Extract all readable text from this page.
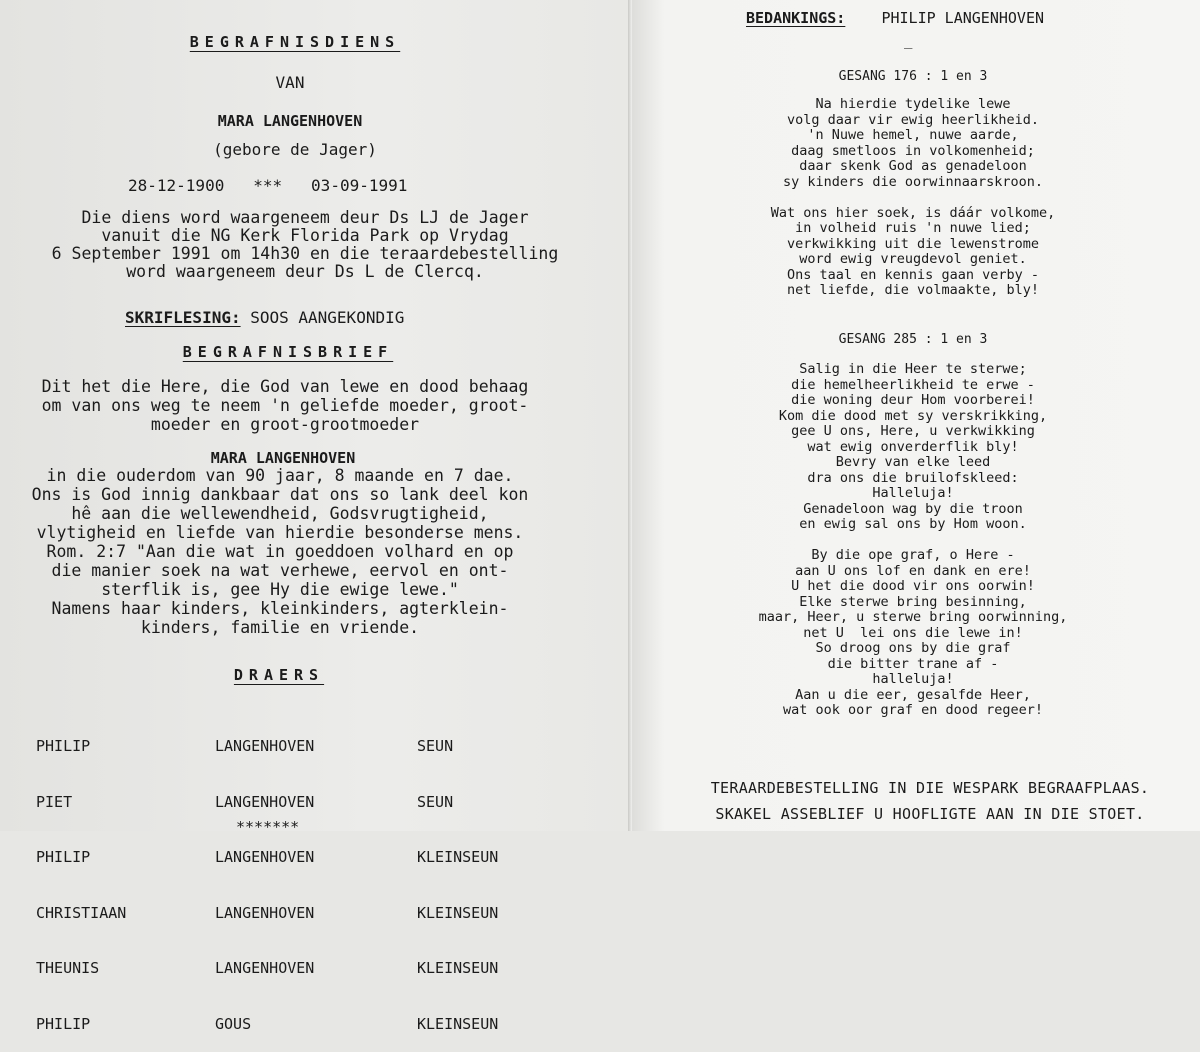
BEGRAFNISDIENS
VAN
MARA LANGENHOVEN
(gebore de Jager)
28-12-1900 *** 03-09-1991
Die diens word waargeneem deur Ds LJ de Jager
vanuit die NG Kerk Florida Park op Vrydag
6 September 1991 om 14h30 en die teraardebestelling
word waargeneem deur Ds L de Clercq.
SKRIFLESING: SOOS AANGEKONDIG
BEGRAFNISBRIEF
Dit het die Here, die God van lewe en dood behaag
om van ons weg te neem 'n geliefde moeder, groot-
moeder en groot-grootmoeder
MARA LANGENHOVEN
in die ouderdom van 90 jaar, 8 maande en 7 dae.
Ons is God innig dankbaar dat ons so lank deel kon
hê aan die wellewendheid, Godsvrugtigheid,
vlytigheid en liefde van hierdie besonderse mens.
Rom. 2:7 "Aan die wat in goeddoen volhard en op
die manier soek na wat verhewe, eervol en ont-
sterflik is, gee Hy die ewige lewe."
Namens haar kinders, kleinkinders, agterklein-
kinders, familie en vriende.
DRAERS

PHILIP

PIET

PHILIP

CHRISTIAAN

THEUNIS

PHILIP

LANGENHOVEN

LANGENHOVEN

LANGENHOVEN

LANGENHOVEN

LANGENHOVEN

GOUS

SEUN

SEUN

KLEINSEUN

KLEINSEUN

KLEINSEUN

KLEINSEUN

*******
BEDANKINGS: PHILIP LANGENHOVEN
_
GESANG 176 : 1 en 3
Na hierdie tydelike lewe
volg daar vir ewig heerlikheid.
'n Nuwe hemel, nuwe aarde,
daag smetloos in volkomenheid;
daar skenk God as genadeloon
sy kinders die oorwinnaarskroon.

Wat ons hier soek, is dáár volkome,
in volheid ruis 'n nuwe lied;
verkwikking uit die lewenstrome
word ewig vreugdevol geniet.
Ons taal en kennis gaan verby -
net liefde, die volmaakte, bly!
GESANG 285 : 1 en 3
Salig in die Heer te sterwe;
die hemelheerlikheid te erwe -
die woning deur Hom voorberei!
Kom die dood met sy verskrikking,
gee U ons, Here, u verkwikking
wat ewig onverderflik bly!
Bevry van elke leed
dra ons die bruilofskleed:
Halleluja!
Genadeloon wag by die troon
en ewig sal ons by Hom woon.

By die ope graf, o Here -
aan U ons lof en dank en ere!
U het die dood vir ons oorwin!
Elke sterwe bring besinning,
maar, Heer, u sterwe bring oorwinning,
net U  lei ons die lewe in!
So droog ons by die graf
die bitter trane af -
halleluja!
Aan u die eer, gesalfde Heer,
wat ook oor graf en dood regeer!
TERAARDEBESTELLING IN DIE WESPARK BEGRAAFPLAAS.
SKAKEL ASSEBLIEF U HOOFLIGTE AAN IN DIE STOET.
